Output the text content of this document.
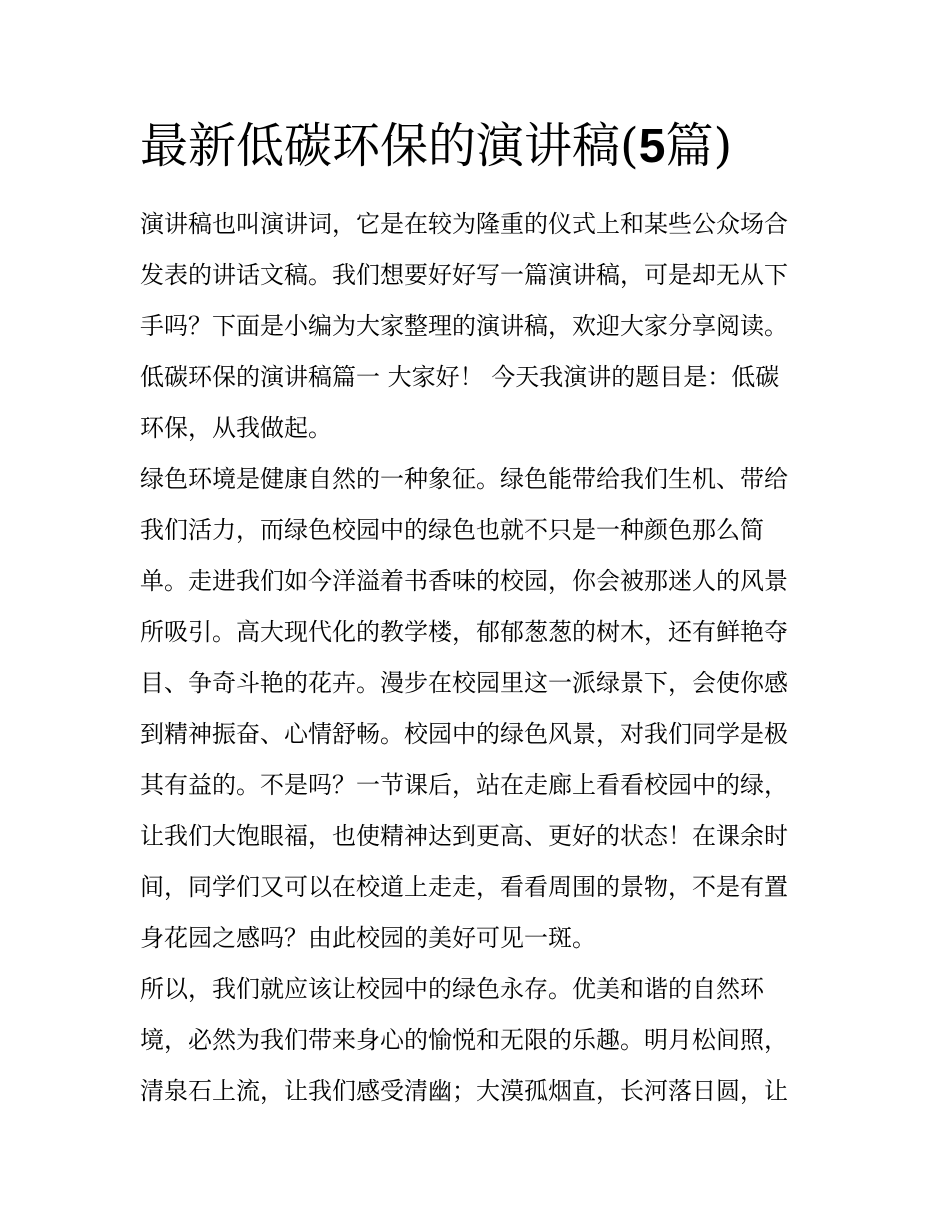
最新低碳环保的演讲稿(5篇)
演讲稿也叫演讲词，它是在较为隆重的仪式上和某些公众场合
发表的讲话文稿。我们想要好好写一篇演讲稿，可是却无从下
手吗？下面是小编为大家整理的演讲稿，欢迎大家分享阅读。
低碳环保的演讲稿篇一 大家好！ 今天我演讲的题目是：低碳
环保，从我做起。
绿色环境是健康自然的一种象征。绿色能带给我们生机、带给
我们活力，而绿色校园中的绿色也就不只是一种颜色那么简
单。走进我们如今洋溢着书香味的校园，你会被那迷人的风景
所吸引。高大现代化的教学楼，郁郁葱葱的树木，还有鲜艳夺
目、争奇斗艳的花卉。漫步在校园里这一派绿景下，会使你感
到精神振奋、心情舒畅。校园中的绿色风景，对我们同学是极
其有益的。不是吗？一节课后，站在走廊上看看校园中的绿，
让我们大饱眼福，也使精神达到更高、更好的状态！在课余时
间，同学们又可以在校道上走走，看看周围的景物，不是有置
身花园之感吗？由此校园的美好可见一斑。
所以，我们就应该让校园中的绿色永存。优美和谐的自然环
境，必然为我们带来身心的愉悦和无限的乐趣。明月松间照，
清泉石上流，让我们感受清幽；大漠孤烟直，长河落日圆，让
